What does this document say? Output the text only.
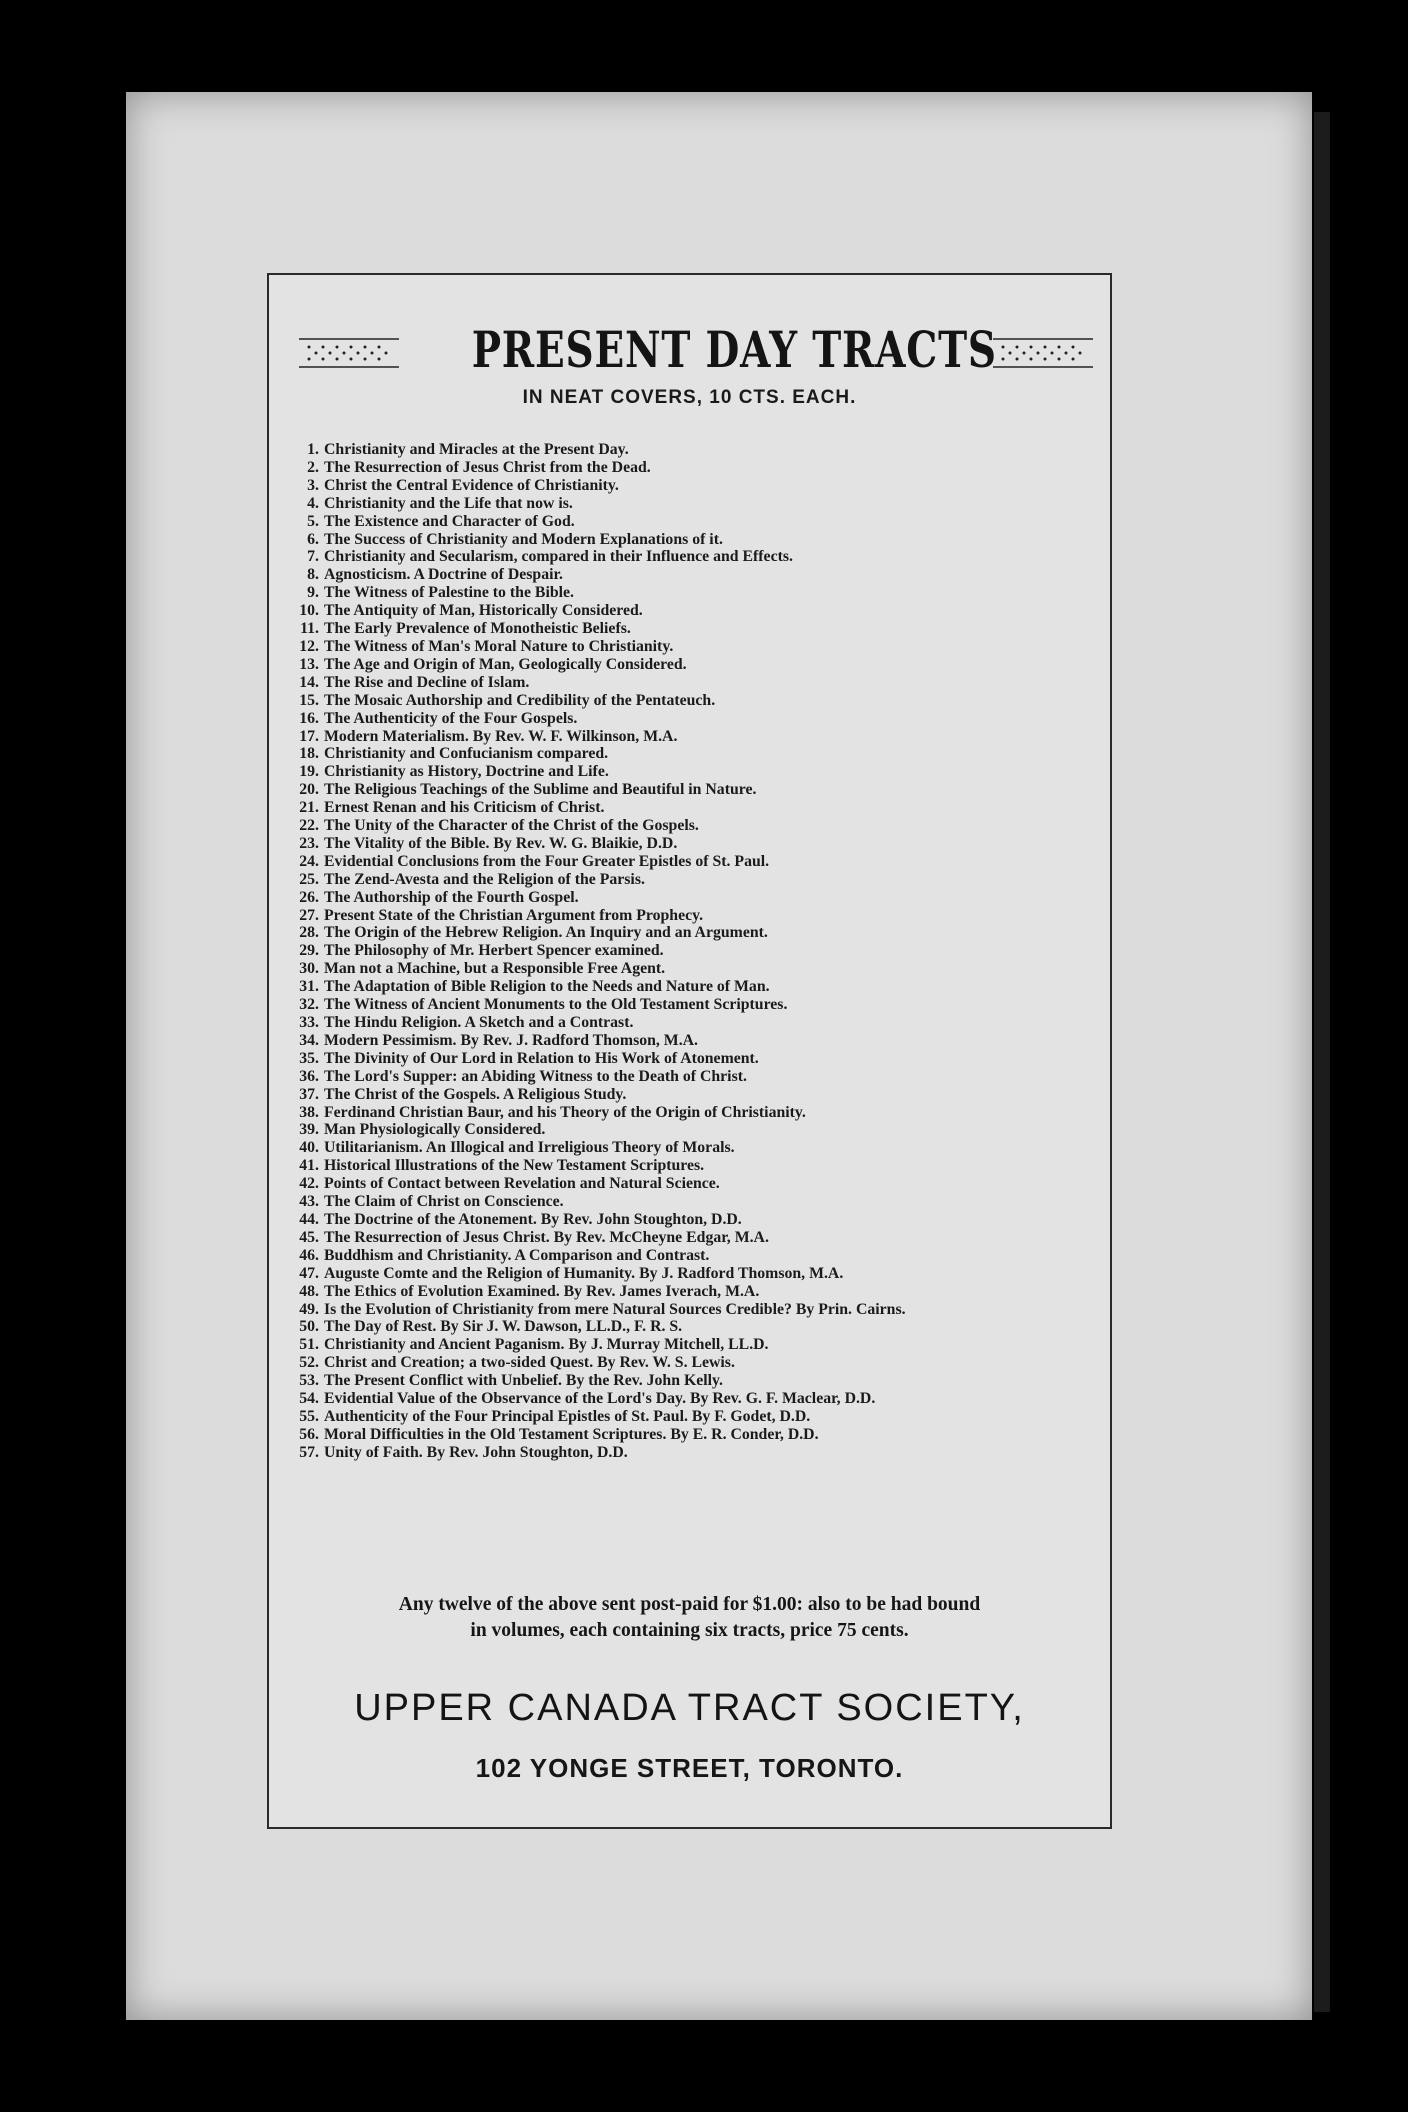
PRESENT DAY TRACTS
IN NEAT COVERS, 10 CTS. EACH.
1. Christianity and Miracles at the Present Day.
2. The Resurrection of Jesus Christ from the Dead.
3. Christ the Central Evidence of Christianity.
4. Christianity and the Life that now is.
5. The Existence and Character of God.
6. The Success of Christianity and Modern Explanations of it.
7. Christianity and Secularism, compared in their Influence and Effects.
8. Agnosticism. A Doctrine of Despair.
9. The Witness of Palestine to the Bible.
10. The Antiquity of Man, Historically Considered.
11. The Early Prevalence of Monotheistic Beliefs.
12. The Witness of Man's Moral Nature to Christianity.
13. The Age and Origin of Man, Geologically Considered.
14. The Rise and Decline of Islam.
15. The Mosaic Authorship and Credibility of the Pentateuch.
16. The Authenticity of the Four Gospels.
17. Modern Materialism. By Rev. W. F. Wilkinson, M.A.
18. Christianity and Confucianism compared.
19. Christianity as History, Doctrine and Life.
20. The Religious Teachings of the Sublime and Beautiful in Nature.
21. Ernest Renan and his Criticism of Christ.
22. The Unity of the Character of the Christ of the Gospels.
23. The Vitality of the Bible. By Rev. W. G. Blaikie, D.D.
24. Evidential Conclusions from the Four Greater Epistles of St. Paul.
25. The Zend-Avesta and the Religion of the Parsis.
26. The Authorship of the Fourth Gospel.
27. Present State of the Christian Argument from Prophecy.
28. The Origin of the Hebrew Religion. An Inquiry and an Argument.
29. The Philosophy of Mr. Herbert Spencer examined.
30. Man not a Machine, but a Responsible Free Agent.
31. The Adaptation of Bible Religion to the Needs and Nature of Man.
32. The Witness of Ancient Monuments to the Old Testament Scriptures.
33. The Hindu Religion. A Sketch and a Contrast.
34. Modern Pessimism. By Rev. J. Radford Thomson, M.A.
35. The Divinity of Our Lord in Relation to His Work of Atonement.
36. The Lord's Supper: an Abiding Witness to the Death of Christ.
37. The Christ of the Gospels. A Religious Study.
38. Ferdinand Christian Baur, and his Theory of the Origin of Christianity.
39. Man Physiologically Considered.
40. Utilitarianism. An Illogical and Irreligious Theory of Morals.
41. Historical Illustrations of the New Testament Scriptures.
42. Points of Contact between Revelation and Natural Science.
43. The Claim of Christ on Conscience.
44. The Doctrine of the Atonement. By Rev. John Stoughton, D.D.
45. The Resurrection of Jesus Christ. By Rev. McCheyne Edgar, M.A.
46. Buddhism and Christianity. A Comparison and Contrast.
47. Auguste Comte and the Religion of Humanity. By J. Radford Thomson, M.A.
48. The Ethics of Evolution Examined. By Rev. James Iverach, M.A.
49. Is the Evolution of Christianity from mere Natural Sources Credible? By Prin. Cairns.
50. The Day of Rest. By Sir J. W. Dawson, LL.D., F. R. S.
51. Christianity and Ancient Paganism. By J. Murray Mitchell, LL.D.
52. Christ and Creation; a two-sided Quest. By Rev. W. S. Lewis.
53. The Present Conflict with Unbelief. By the Rev. John Kelly.
54. Evidential Value of the Observance of the Lord's Day. By Rev. G. F. Maclear, D.D.
55. Authenticity of the Four Principal Epistles of St. Paul. By F. Godet, D.D.
56. Moral Difficulties in the Old Testament Scriptures. By E. R. Conder, D.D.
57. Unity of Faith. By Rev. John Stoughton, D.D.
Any twelve of the above sent post-paid for $1.00: also to be had bound
in volumes, each containing six tracts, price 75 cents.
UPPER CANADA TRACT SOCIETY,
102 YONGE STREET, TORONTO.
